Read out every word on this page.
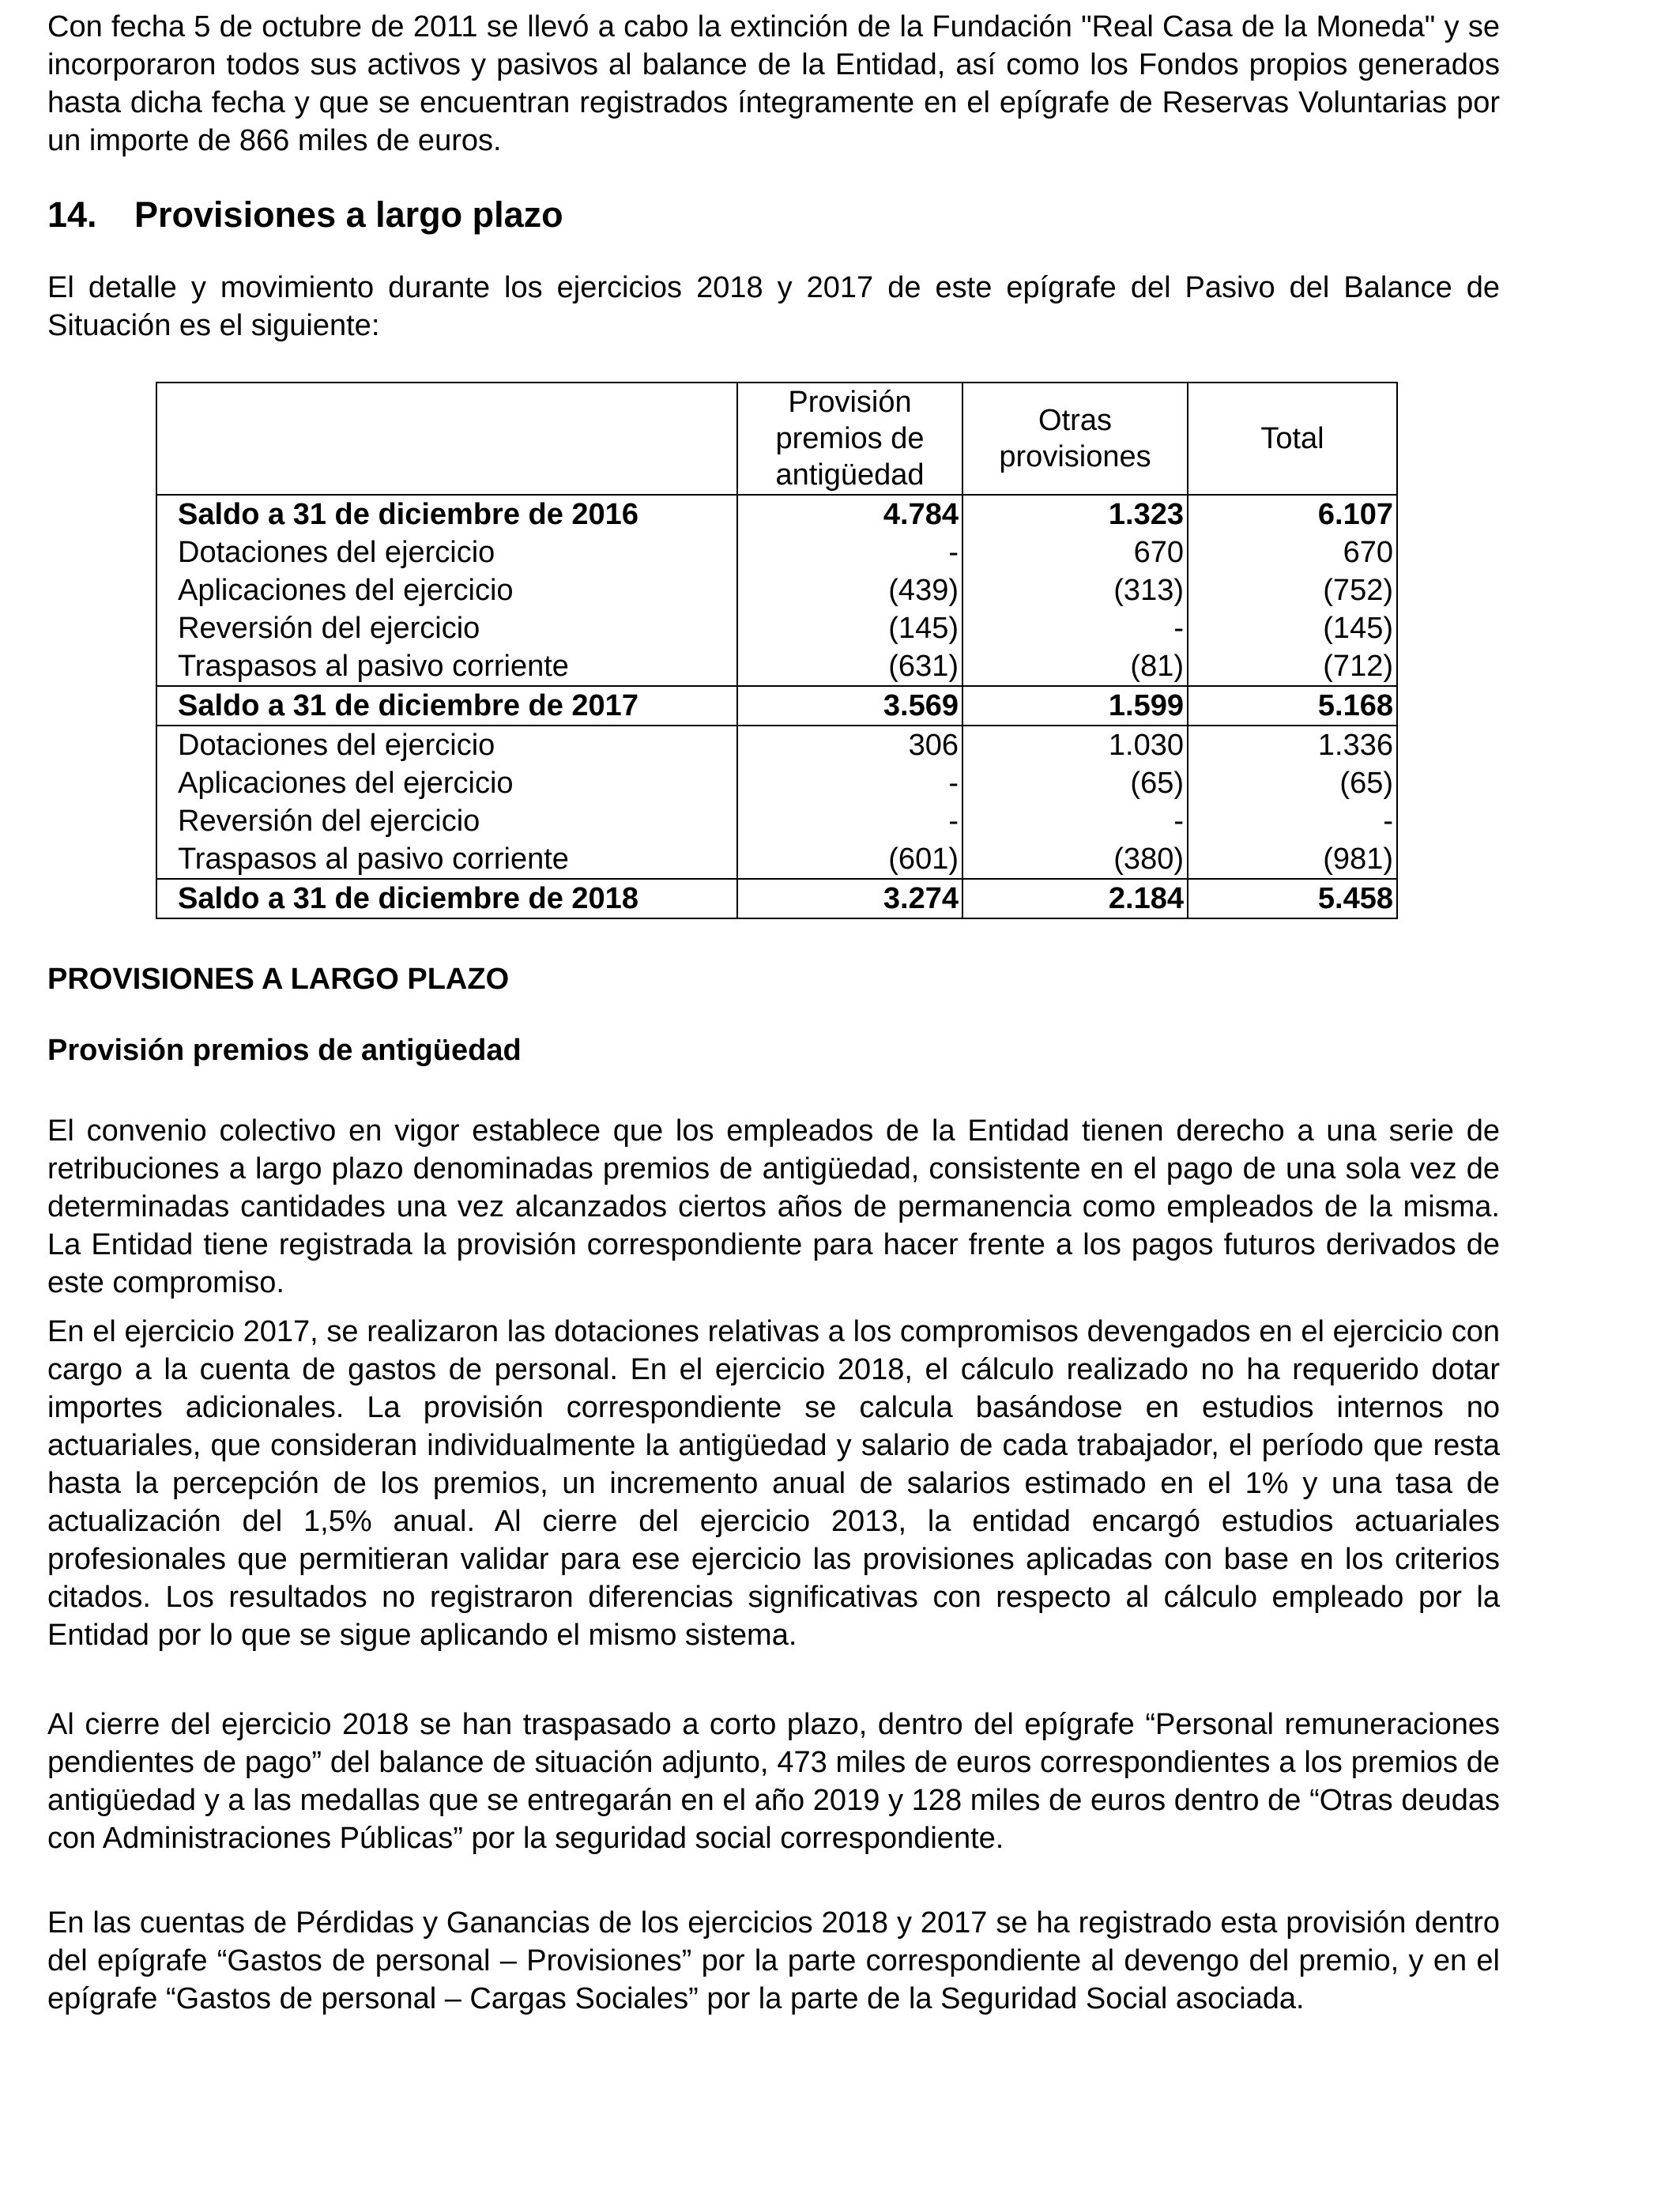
Con fecha 5 de octubre de 2011 se llevó a cabo la extinción de la Fundación "Real Casa de la Moneda" y se incorporaron todos sus activos y pasivos al balance de la Entidad, así como los Fondos propios generados hasta dicha fecha y que se encuentran registrados íntegramente en el epígrafe de Reservas Voluntarias por un importe de 866 miles de euros.

14. Provisiones a largo plazo

El detalle y movimiento durante los ejercicios 2018 y 2017 de este epígrafe del Pasivo del Balance de Situación es el siguiente:

	Provisión premios de antigüedad	Otras provisiones	Total
Saldo a 31 de diciembre de 2016	4.784	1.323	6.107
Dotaciones del ejercicio	-	670	670
Aplicaciones del ejercicio	(439)	(313)	(752)
Reversión del ejercicio	(145)	-	(145)
Traspasos al pasivo corriente	(631)	(81)	(712)
Saldo a 31 de diciembre de 2017	3.569	1.599	5.168
Dotaciones del ejercicio	306	1.030	1.336
Aplicaciones del ejercicio	-	(65)	(65)
Reversión del ejercicio	-	-	-
Traspasos al pasivo corriente	(601)	(380)	(981)
Saldo a 31 de diciembre de 2018	3.274	2.184	5.458
PROVISIONES A LARGO PLAZO
Provisión premios de antigüedad

El convenio colectivo en vigor establece que los empleados de la Entidad tienen derecho a una serie de retribuciones a largo plazo denominadas premios de antigüedad, consistente en el pago de una sola vez de determinadas cantidades una vez alcanzados ciertos años de permanencia como empleados de la misma. La Entidad tiene registrada la provisión correspondiente para hacer frente a los pagos futuros derivados de este compromiso.

En el ejercicio 2017, se realizaron las dotaciones relativas a los compromisos devengados en el ejercicio con cargo a la cuenta de gastos de personal. En el ejercicio 2018, el cálculo realizado no ha requerido dotar importes adicionales. La provisión correspondiente se calcula basándose en estudios internos no actuariales, que consideran individualmente la antigüedad y salario de cada trabajador, el período que resta hasta la percepción de los premios, un incremento anual de salarios estimado en el 1% y una tasa de actualización del 1,5% anual. Al cierre del ejercicio 2013, la entidad encargó estudios actuariales profesionales que permitieran validar para ese ejercicio las provisiones aplicadas con base en los criterios citados. Los resultados no registraron diferencias significativas con respecto al cálculo empleado por la Entidad por lo que se sigue aplicando el mismo sistema.

Al cierre del ejercicio 2018 se han traspasado a corto plazo, dentro del epígrafe “Personal remuneraciones pendientes de pago” del balance de situación adjunto, 473 miles de euros correspondientes a los premios de antigüedad y a las medallas que se entregarán en el año 2019 y 128 miles de euros dentro de “Otras deudas con Administraciones Públicas” por la seguridad social correspondiente.

En las cuentas de Pérdidas y Ganancias de los ejercicios 2018 y 2017 se ha registrado esta provisión dentro del epígrafe “Gastos de personal – Provisiones” por la parte correspondiente al devengo del premio, y en el epígrafe “Gastos de personal – Cargas Sociales” por la parte de la Seguridad Social asociada.
